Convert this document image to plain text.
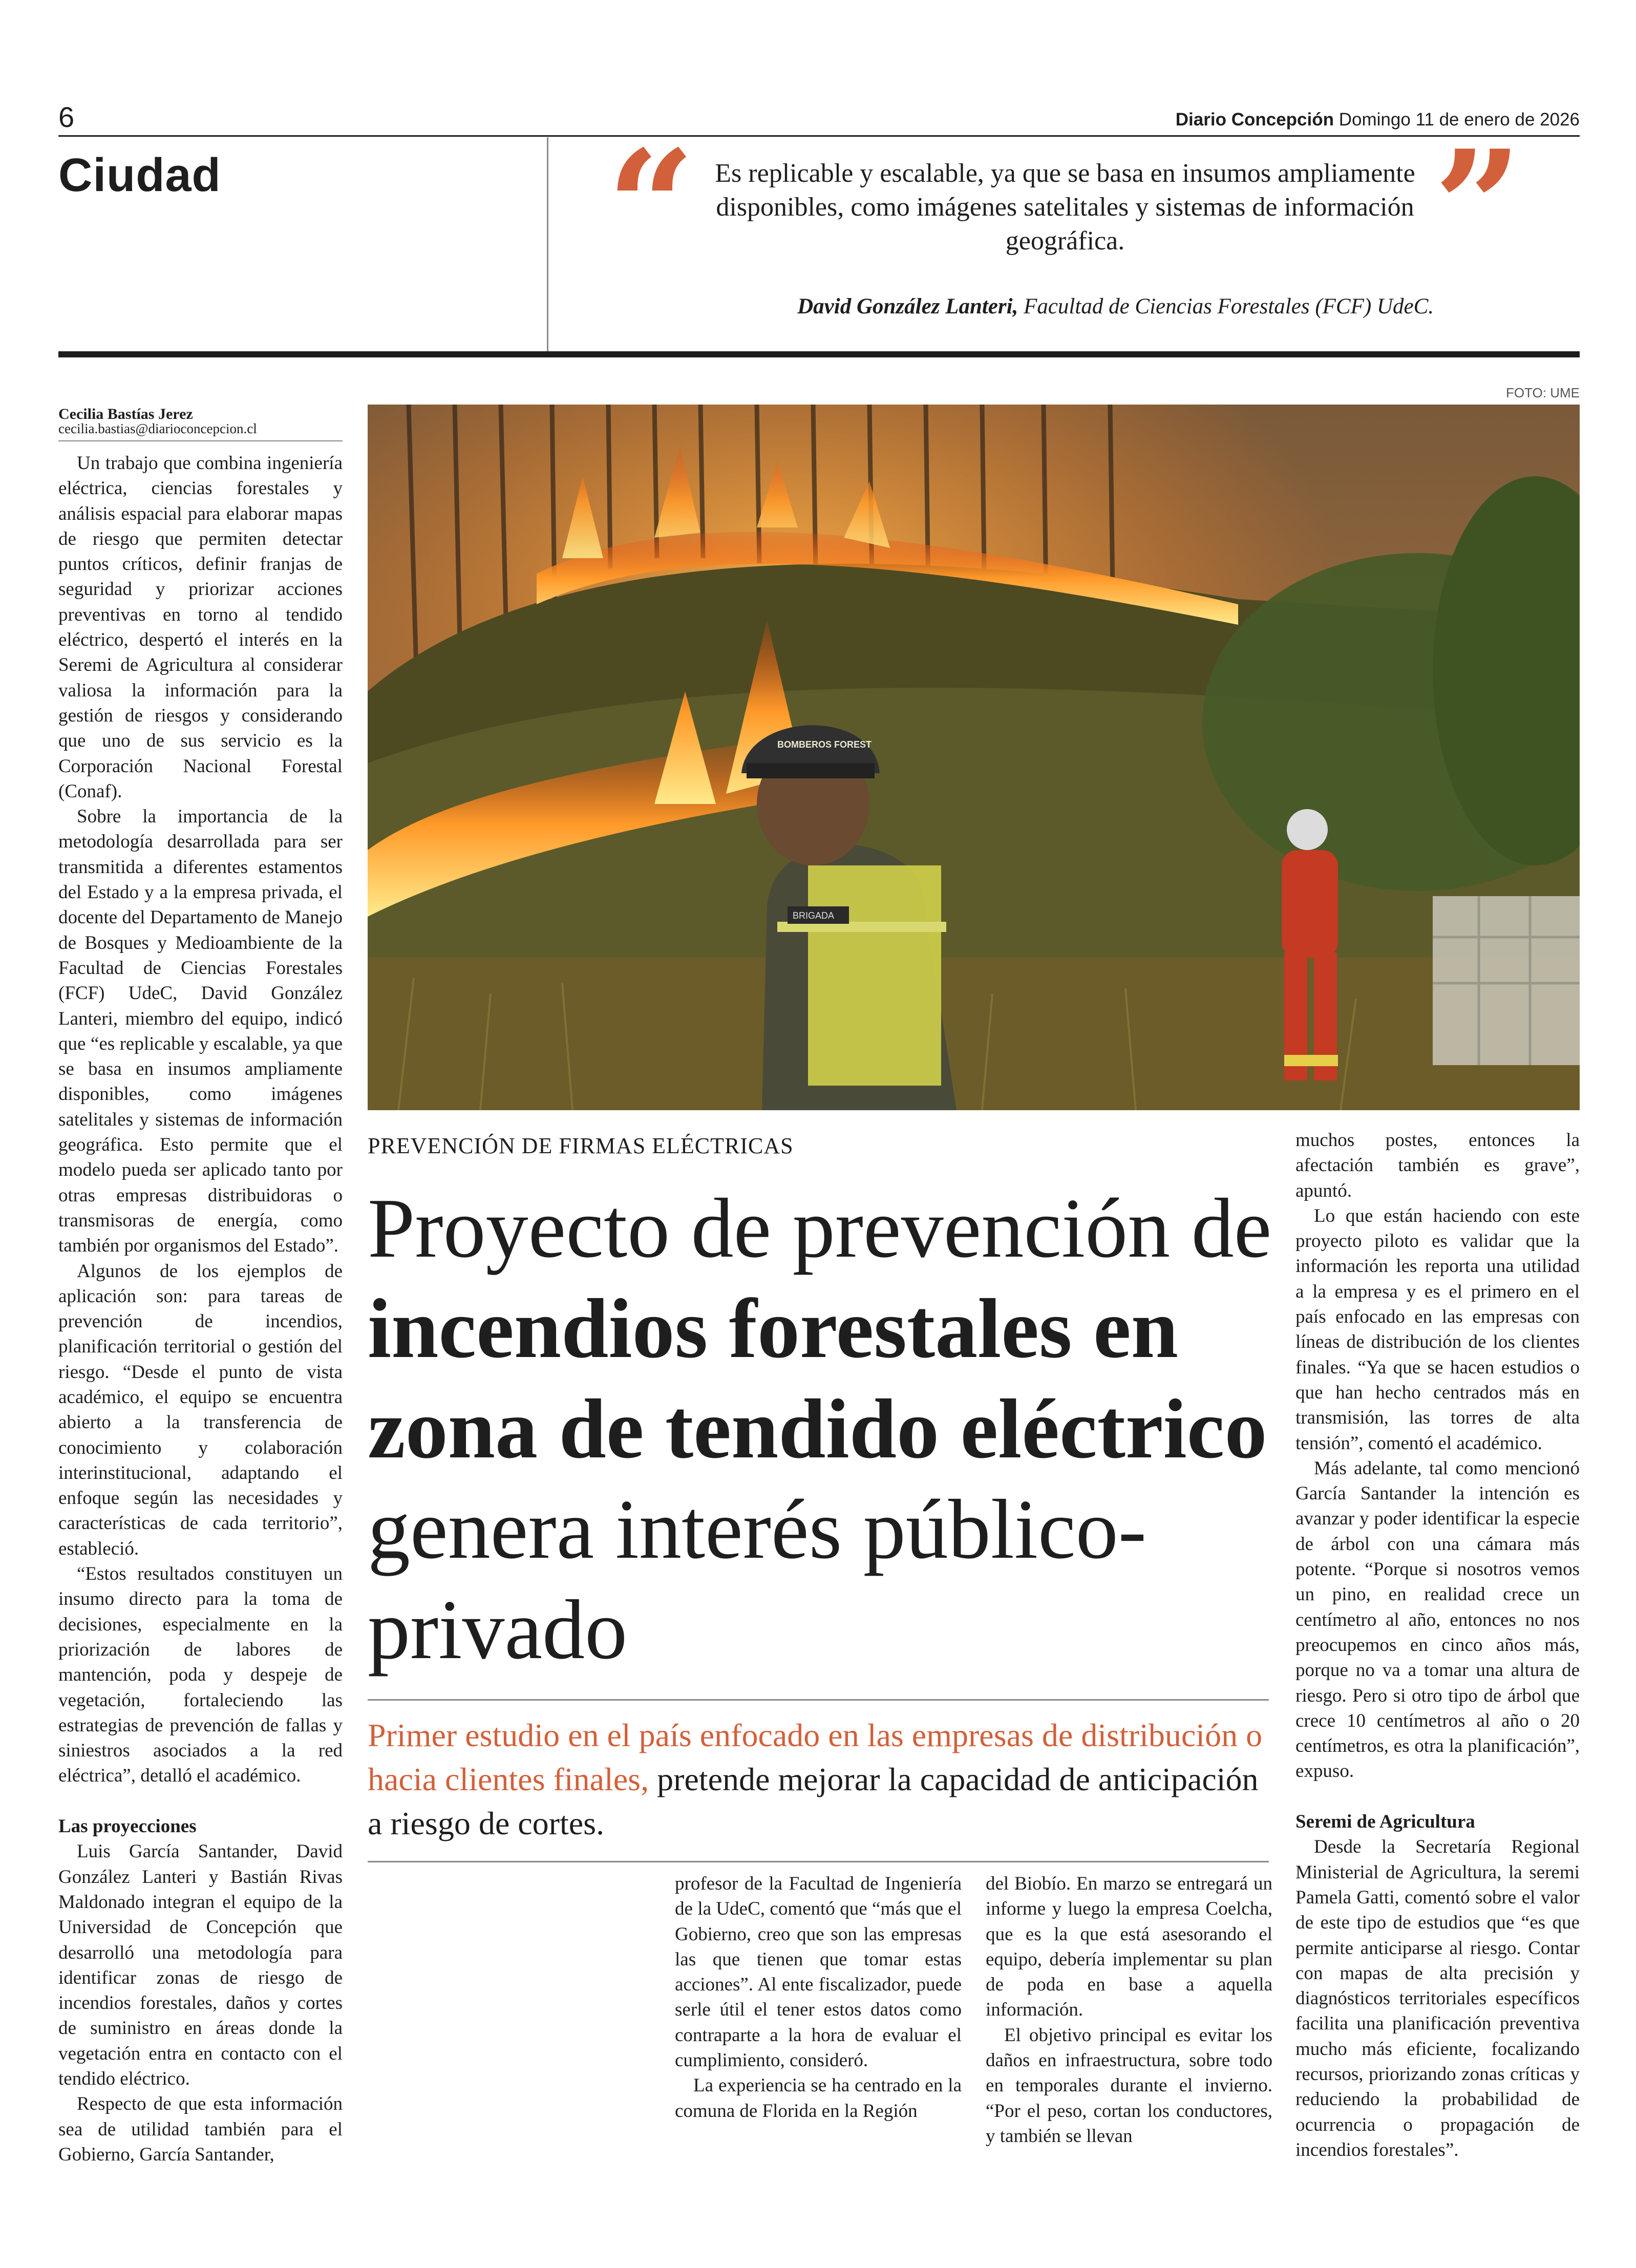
6	Diario Concepción Domingo 11 de enero de 2026
Ciudad	“	”
Es replicable y escalable, ya que se basa en insumos ampliamente disponibles, como imágenes satelitales y sistemas de información geográfica.
David González Lanteri, Facultad de Ciencias Forestales (FCF) UdeC.
Cecilia Bastías Jerez
cecilia.bastias@diarioconcepcion.cl

Un trabajo que combina ingeniería eléctrica, ciencias forestales y análisis espacial para elaborar mapas de riesgo que permiten detectar puntos críticos, definir franjas de seguridad y priorizar acciones preventivas en torno al tendido eléctrico, despertó el interés en la Seremi de Agricultura al considerar valiosa la información para la gestión de riesgos y considerando que uno de sus servicio es la Corporación Nacional Forestal (Conaf).

Sobre la importancia de la metodología desarrollada para ser transmitida a diferentes estamentos del Estado y a la empresa privada, el docente del Departamento de Manejo de Bosques y Medioambiente de la Facultad de Ciencias Forestales (FCF) UdeC, David González Lanteri, miembro del equipo, indicó que “es replicable y escalable, ya que se basa en insumos ampliamente disponibles, como imágenes satelitales y sistemas de información geográfica. Esto permite que el modelo pueda ser aplicado tanto por otras empresas distribuidoras o transmisoras de energía, como también por organismos del Estado”.

Algunos de los ejemplos de aplicación son: para tareas de prevención de incendios, planificación territorial o gestión del riesgo. “Desde el punto de vista académico, el equipo se encuentra abierto a la transferencia de conocimiento y colaboración interinstitucional, adaptando el enfoque según las necesidades y características de cada territorio”, estableció.

“Estos resultados constituyen un insumo directo para la toma de decisiones, especialmente en la priorización de labores de mantención, poda y despeje de vegetación, fortaleciendo las estrategias de prevención de fallas y siniestros asociados a la red eléctrica”, detalló el académico.

Las proyecciones

Luis García Santander, David González Lanteri y Bastián Rivas Maldonado integran el equipo de la Universidad de Concepción que desarrolló una metodología para identificar zonas de riesgo de incendios forestales, daños y cortes de suministro en áreas donde la vegetación entra en contacto con el tendido eléctrico.

Respecto de que esta información sea de utilidad también para el Gobierno, García Santander,

FOTO: UME
BOMBEROS FOREST
BRIGADA
PREVENCIÓN DE FIRMAS ELÉCTRICAS
Proyecto de prevención de incendios forestales en zona de tendido eléctrico genera interés público-privado
Primer estudio en el país enfocado en las empresas de distribución o hacia clientes finales, pretende mejorar la capacidad de anticipación a riesgo de cortes.

profesor de la Facultad de Ingeniería de la UdeC, comentó que “más que el Gobierno, creo que son las empresas las que tienen que tomar estas acciones”. Al ente fiscalizador, puede serle útil el tener estos datos como contraparte a la hora de evaluar el cumplimiento, consideró.

La experiencia se ha centrado en la comuna de Florida en la Región

del Biobío. En marzo se entregará un informe y luego la empresa Coelcha, que es la que está asesorando el equipo, debería implementar su plan de poda en base a aquella información.

El objetivo principal es evitar los daños en infraestructura, sobre todo en temporales durante el invierno. “Por el peso, cortan los conductores, y también se llevan

muchos postes, entonces la afectación también es grave”, apuntó.

Lo que están haciendo con este proyecto piloto es validar que la información les reporta una utilidad a la empresa y es el primero en el país enfocado en las empresas con líneas de distribución de los clientes finales. “Ya que se hacen estudios o que han hecho centrados más en transmisión, las torres de alta tensión”, comentó el académico.

Más adelante, tal como mencionó García Santander la intención es avanzar y poder identificar la especie de árbol con una cámara más potente. “Porque si nosotros vemos un pino, en realidad crece un centímetro al año, entonces no nos preocupemos en cinco años más, porque no va a tomar una altura de riesgo. Pero si otro tipo de árbol que crece 10 centímetros al año o 20 centímetros, es otra la planificación”, expuso.

Seremi de Agricultura

Desde la Secretaría Regional Ministerial de Agricultura, la seremi Pamela Gatti, comentó sobre el valor de este tipo de estudios que “es que permite anticiparse al riesgo. Contar con mapas de alta precisión y diagnósticos territoriales específicos facilita una planificación preventiva mucho más eficiente, focalizando recursos, priorizando zonas críticas y reduciendo la probabilidad de ocurrencia o propagación de incendios forestales”.
